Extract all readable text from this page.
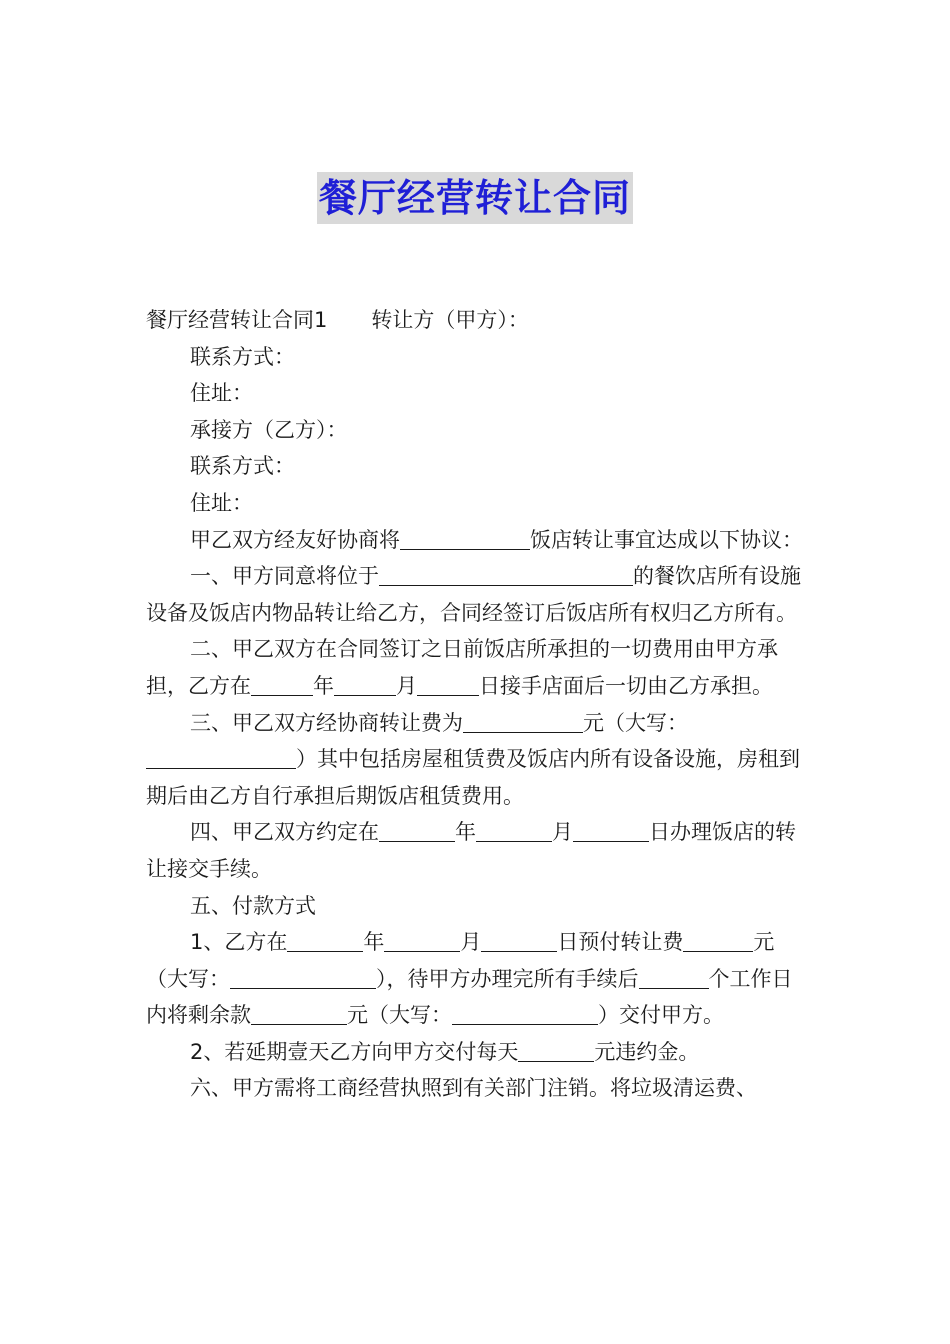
餐厅经营转让合同

餐厅经营转让合同1 转让方（甲方）：

联系方式：

住址：

承接方（乙方）：

联系方式：

住址：

甲乙双方经友好协商将	饭店转让事宜达成以下协议：

一、甲方同意将位于	的餐饮店所有设施设备及饭店内物品转让给乙方，合同经签订后饭店所有权归乙方所有。

二、甲乙双方在合同签订之日前饭店所承担的一切费用由甲方承担，乙方在	年	月	日接手店面后一切由乙方承担。

三、甲乙双方经协商转让费为	元（大写：）其中包括房屋租赁费及饭店内所有设备设施，房租到期后由乙方自行承担后期饭店租赁费用。

四、甲乙双方约定在	年	月	日办理饭店的转让接交手续。

五、付款方式

1、乙方在	年	月	日预付转让费	元（大写：	），待甲方办理完所有手续后	个工作日内将剩余款	元（大写：	）交付甲方。

2、若延期壹天乙方向甲方交付每天	元违约金。

六、甲方需将工商经营执照到有关部门注销。将垃圾清运费、
